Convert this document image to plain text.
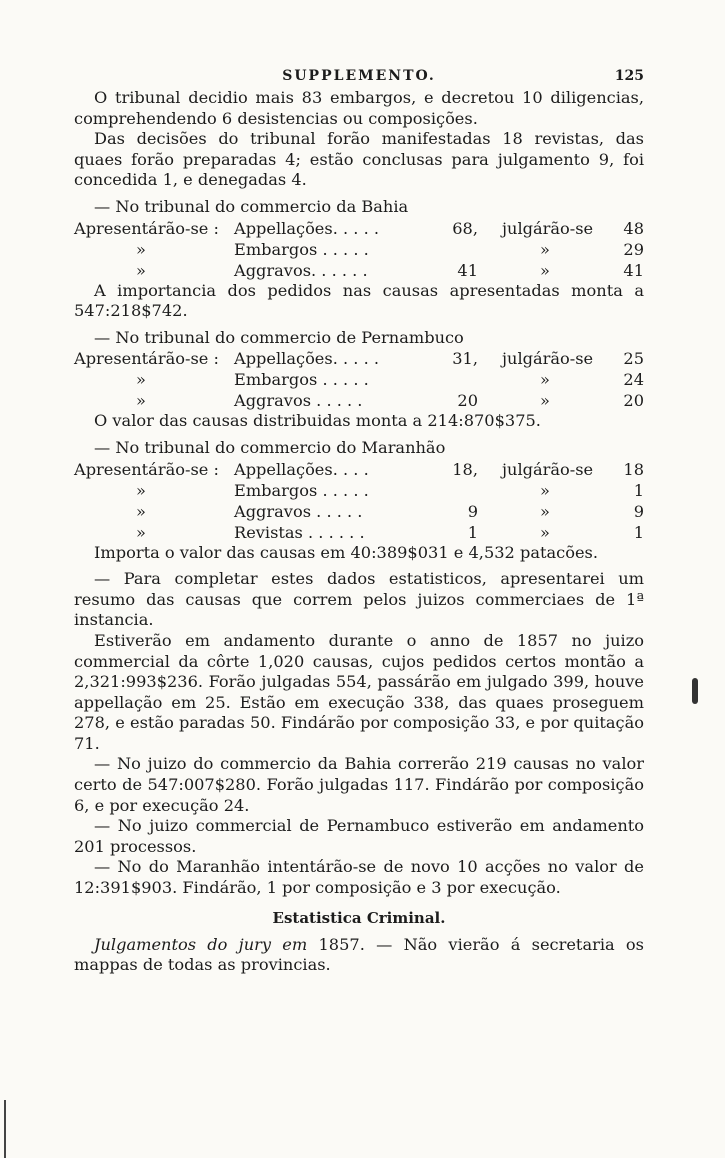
SUPPLEMENTO.	125

O tribunal decidio mais 83 embargos, e decretou 10 diligencias, comprehendendo 6 desistencias ou composições.

Das decisões do tribunal forão manifestadas 18 revistas, das quaes forão preparadas 4; estão conclusas para julgamento 9, foi concedida 1, e denegadas 4.

— No tribunal do commercio da Bahia

Apresentárão-se : Appellações. . . . .	68, julgárão-se 48
»	Embargos . . . . .	»	29
»	Aggravos. . . . . .	41	»	41

A importancia dos pedidos nas causas apresentadas monta a 547:218$742.

— No tribunal do commercio de Pernambuco

Apresentárão-se : Appellações. . . . .	31, julgárão-se 25
»	Embargos . . . . .	»	24
»	Aggravos . . . . .	20	»	20

O valor das causas distribuidas monta a 214:870$375.

— No tribunal do commercio do Maranhão

Apresentárão-se : Appellações. . . .	18, julgárão-se 18
»	Embargos . . . . .	»	1
»	Aggravos . . . . .	9	»	9
»	Revistas . . . . . .	1	»	1

Importa o valor das causas em 40:389$031 e 4,532 patacões.

— Para completar estes dados estatisticos, apresentarei um resumo das causas que correm pelos juizos commerciaes de 1ª instancia.

Estiverão em andamento durante o anno de 1857 no juizo commercial da côrte 1,020 causas, cujos pedidos certos montão a 2,321:993$236. Forão julgadas 554, passárão em julgado 399, houve appellação em 25. Estão em execução 338, das quaes proseguem 278, e estão paradas 50. Findárão por composição 33, e por quitação 71.

— No juizo do commercio da Bahia correrão 219 causas no valor certo de 547:007$280. Forão julgadas 117. Findárão por composição 6, e por execução 24.

— No juizo commercial de Pernambuco estiverão em andamento 201 processos.

— No do Maranhão intentárão-se de novo 10 acções no valor de 12:391$903. Findárão, 1 por composição e 3 por execução.

Estatistica Criminal.

Julgamentos do jury em 1857. — Não vierão á secretaria os mappas de todas as provincias.
